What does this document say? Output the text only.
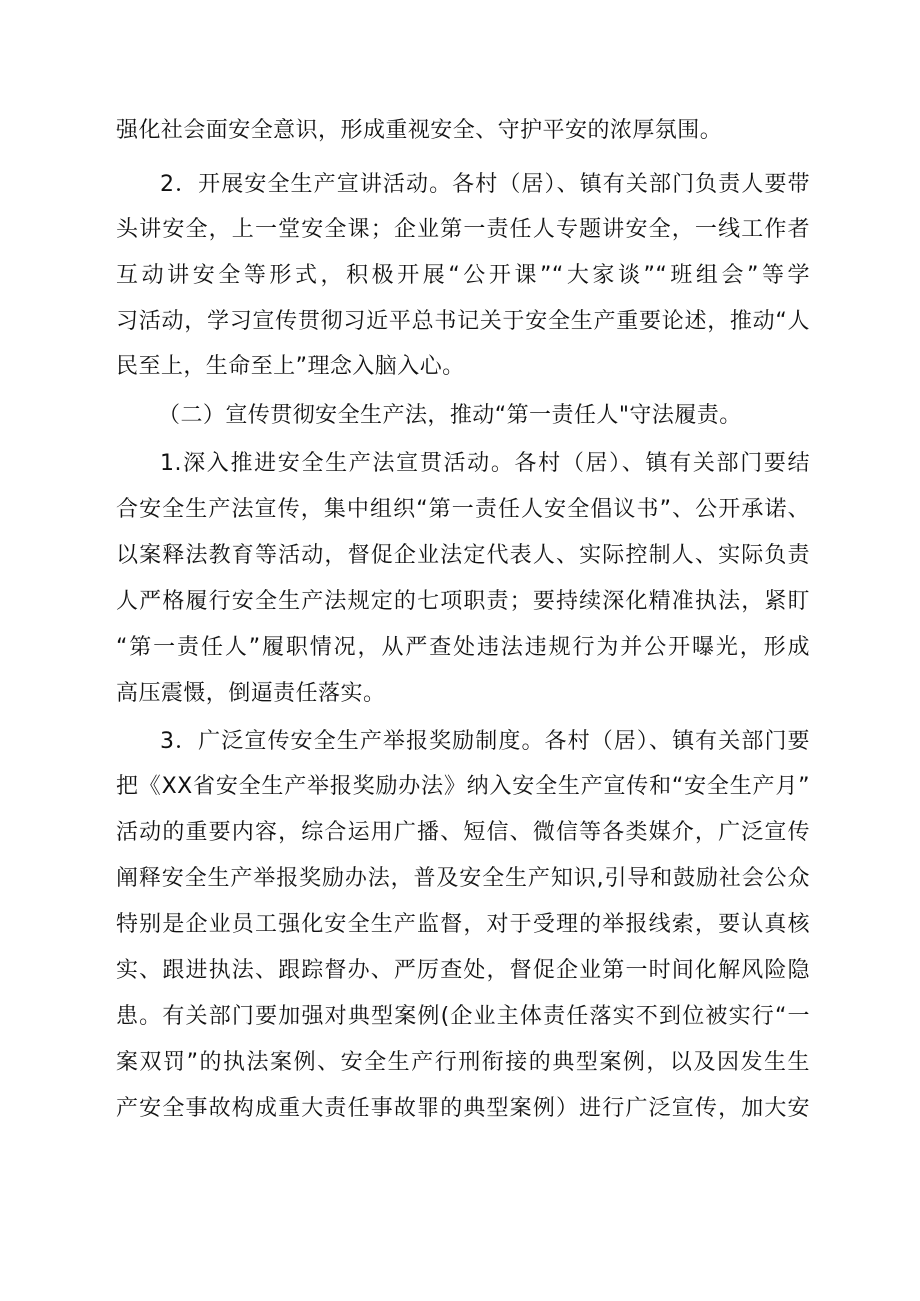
强化社会面安全意识，形成重视安全、守护平安的浓厚氛围。
2．开展安全生产宣讲活动。各村（居）、镇有关部门负责人要带
头讲安全，上一堂安全课；企业第一责任人专题讲安全，一线工作者
互动讲安全等形式，积极开展“公开课”“大家谈”“班组会”等学
习活动，学习宣传贯彻习近平总书记关于安全生产重要论述，推动“人
民至上，生命至上”理念入脑入心。
（二）宣传贯彻安全生产法，推动“第一责任人"守法履责。
1.深入推进安全生产法宣贯活动。各村（居）、镇有关部门要结
合安全生产法宣传，集中组织“第一责任人安全倡议书”、公开承诺、
以案释法教育等活动，督促企业法定代表人、实际控制人、实际负责
人严格履行安全生产法规定的七项职责；要持续深化精准执法，紧盯
“第一责任人”履职情况，从严查处违法违规行为并公开曝光，形成
高压震慑，倒逼责任落实。
3．广泛宣传安全生产举报奖励制度。各村（居）、镇有关部门要
把《XX省安全生产举报奖励办法》纳入安全生产宣传和“安全生产月”
活动的重要内容，综合运用广播、短信、微信等各类媒介，广泛宣传
阐释安全生产举报奖励办法，普及安全生产知识,引导和鼓励社会公众
特别是企业员工强化安全生产监督，对于受理的举报线索，要认真核
实、跟进执法、跟踪督办、严厉查处，督促企业第一时间化解风险隐
患。有关部门要加强对典型案例(企业主体责任落实不到位被实行“一
案双罚”的执法案例、安全生产行刑衔接的典型案例，以及因发生生
产安全事故构成重大责任事故罪的典型案例）进行广泛宣传，加大安
